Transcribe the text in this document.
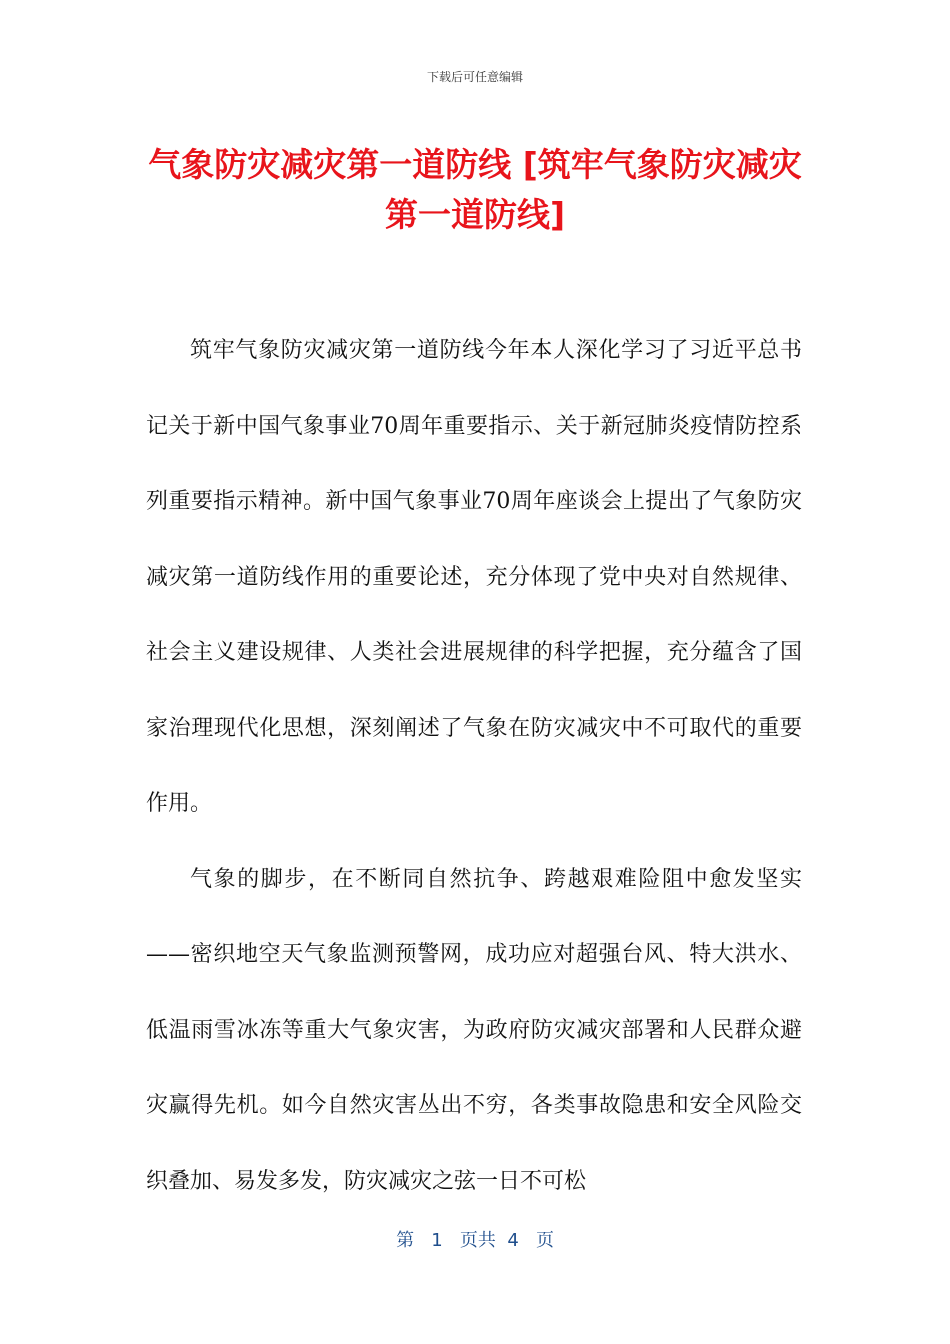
下载后可任意编辑
气象防灾减灾第一道防线 [筑牢气象防灾减灾第一道防线]

筑牢气象防灾减灾第一道防线今年本人深化学习了习近平总书记关于新中国气象事业70周年重要指示、关于新冠肺炎疫情防控系列重要指示精神。新中国气象事业70周年座谈会上提出了气象防灾减灾第一道防线作用的重要论述，充分体现了党中央对自然规律、社会主义建设规律、人类社会进展规律的科学把握，充分蕴含了国家治理现代化思想，深刻阐述了气象在防灾减灾中不可取代的重要作用。

气象的脚步，在不断同自然抗争、跨越艰难险阻中愈发坚实——密织地空天气象监测预警网，成功应对超强台风、特大洪水、低温雨雪冰冻等重大气象灾害，为政府防灾减灾部署和人民群众避灾赢得先机。如今自然灾害丛出不穷，各类事故隐患和安全风险交织叠加、易发多发，防灾减灾之弦一日不可松

第 1 页共 4 页
